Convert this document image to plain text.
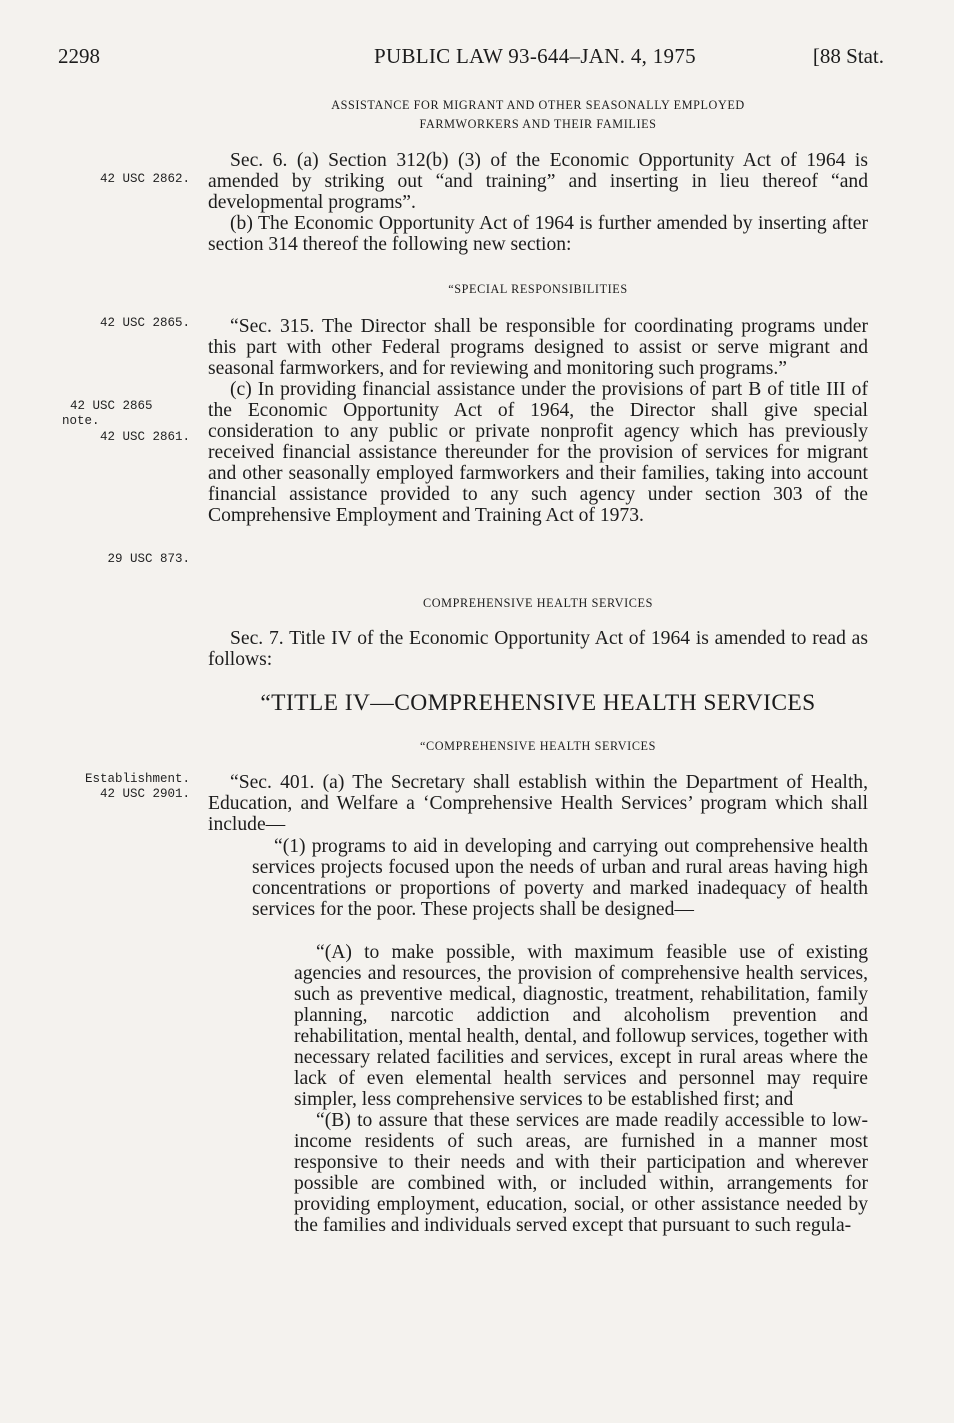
2298	PUBLIC LAW 93-644–JAN. 4, 1975	[88 Stat.
42 USC 2862.
42 USC 2865.
42 USC 2865
note.
42 USC 2861.
29 USC 873.
Establishment.
42 USC 2901.
ASSISTANCE FOR MIGRANT AND OTHER SEASONALLY EMPLOYED
FARMWORKERS AND THEIR FAMILIES

Sec. 6. (a) Section 312(b) (3) of the Economic Opportunity Act of 1964 is amended by striking out “and training” and inserting in lieu thereof “and developmental programs”.

(b) The Economic Opportunity Act of 1964 is further amended by inserting after section 314 thereof the following new section:

“SPECIAL RESPONSIBILITIES

“Sec. 315. The Director shall be responsible for coordinating programs under this part with other Federal programs designed to assist or serve migrant and seasonal farmworkers, and for reviewing and monitoring such programs.”

(c) In providing financial assistance under the provisions of part B of title III of the Economic Opportunity Act of 1964, the Director shall give special consideration to any public or private nonprofit agency which has previously received financial assistance thereunder for the provision of services for migrant and other seasonally employed farmworkers and their families, taking into account financial assistance provided to any such agency under section 303 of the Comprehensive Employment and Training Act of 1973.

COMPREHENSIVE HEALTH SERVICES

Sec. 7. Title IV of the Economic Opportunity Act of 1964 is amended to read as follows:

“TITLE IV—COMPREHENSIVE HEALTH SERVICES
“COMPREHENSIVE HEALTH SERVICES

“Sec. 401. (a) The Secretary shall establish within the Department of Health, Education, and Welfare a ‘Comprehensive Health Services’ program which shall include—

“(1) programs to aid in developing and carrying out comprehensive health services projects focused upon the needs of urban and rural areas having high concentrations or proportions of poverty and marked inadequacy of health services for the poor. These projects shall be designed—

“(A) to make possible, with maximum feasible use of existing agencies and resources, the provision of comprehensive health services, such as preventive medical, diagnostic, treatment, rehabilitation, family planning, narcotic addiction and alcoholism prevention and rehabilitation, mental health, dental, and followup services, together with necessary related facilities and services, except in rural areas where the lack of even elemental health services and personnel may require simpler, less comprehensive services to be established first; and

“(B) to assure that these services are made readily accessible to low-income residents of such areas, are furnished in a manner most responsive to their needs and with their participation and wherever possible are combined with, or included within, arrangements for providing employment, education, social, or other assistance needed by the families and individuals served except that pursuant to such regula-
